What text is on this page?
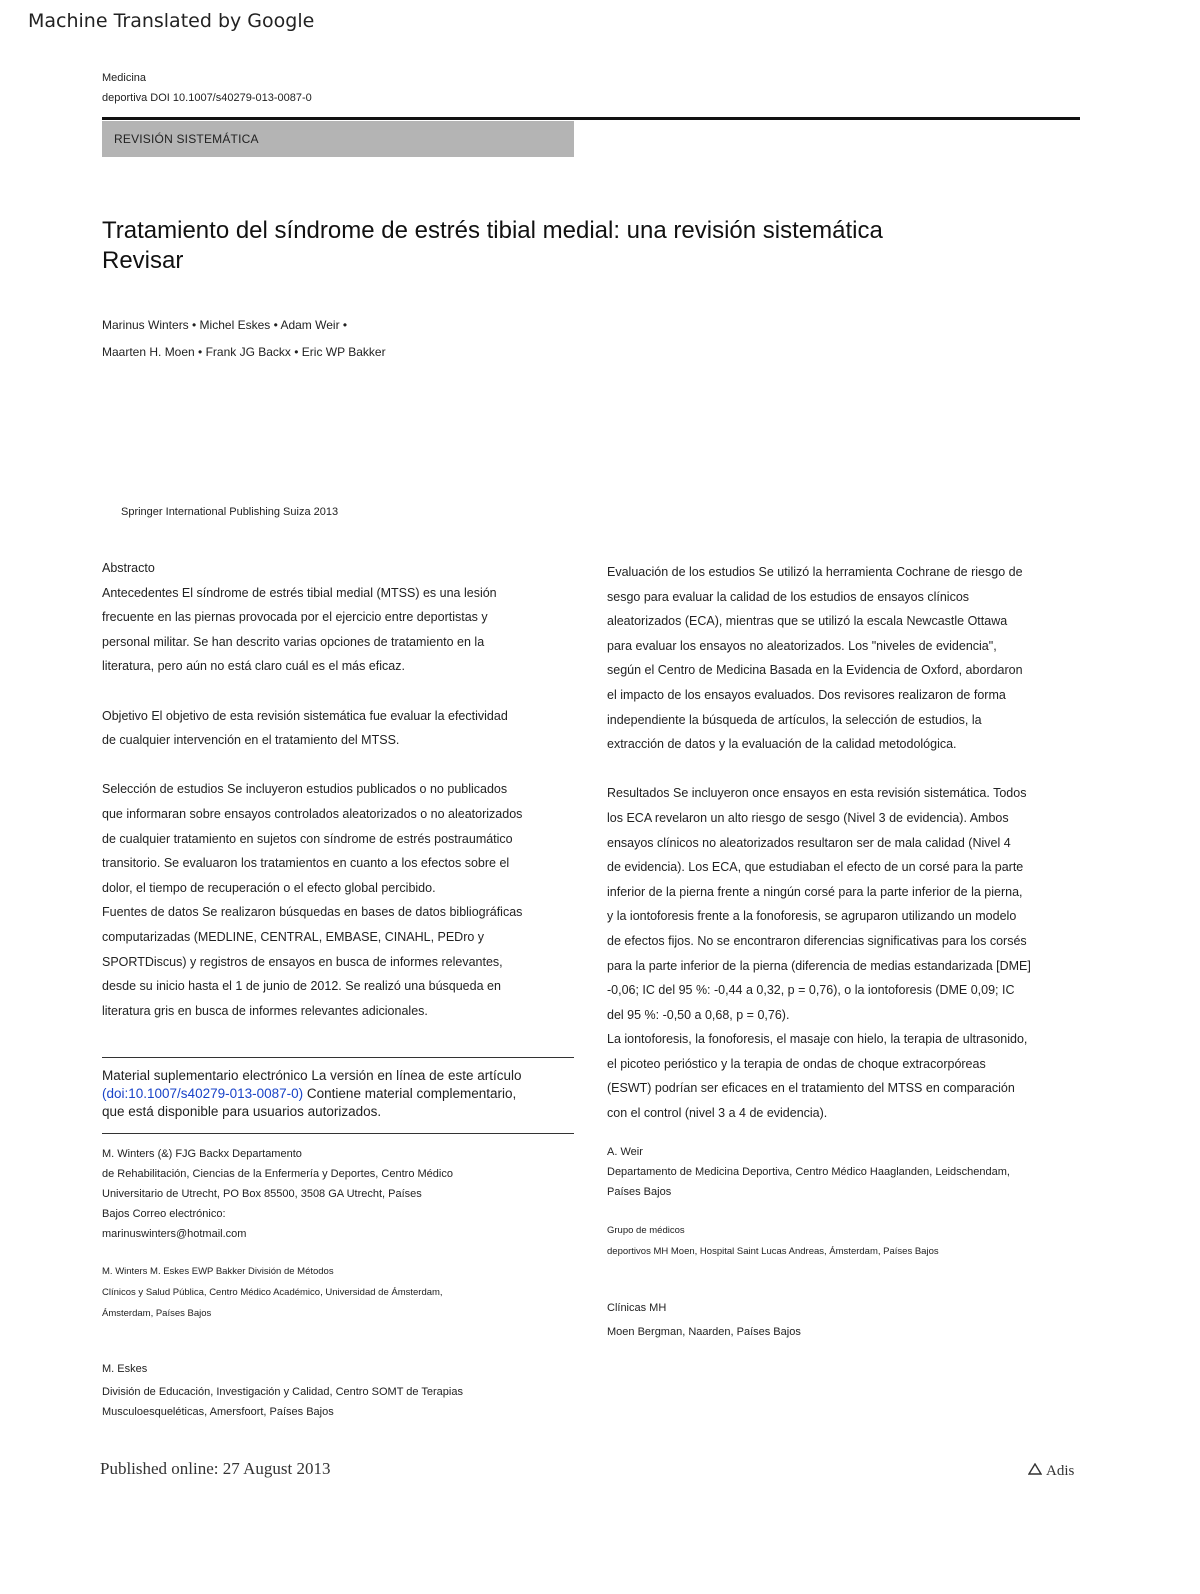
Machine Translated by Google
Medicina
deportiva DOI 10.1007/s40279-013-0087-0
REVISIÓN SISTEMÁTICA
Tratamiento del síndrome de estrés tibial medial: una revisión sistemática
Revisar
Marinus Winters • Michel Eskes • Adam Weir •
Maarten H. Moen • Frank JG Backx • Eric WP Bakker
Springer International Publishing Suiza 2013

Abstracto

Antecedentes El síndrome de estrés tibial medial (MTSS) es una lesión

frecuente en las piernas provocada por el ejercicio entre deportistas y

personal militar. Se han descrito varias opciones de tratamiento en la

literatura, pero aún no está claro cuál es el más eficaz.

Objetivo El objetivo de esta revisión sistemática fue evaluar la efectividad

de cualquier intervención en el tratamiento del MTSS.

Selección de estudios Se incluyeron estudios publicados o no publicados

que informaran sobre ensayos controlados aleatorizados o no aleatorizados

de cualquier tratamiento en sujetos con síndrome de estrés postraumático

transitorio. Se evaluaron los tratamientos en cuanto a los efectos sobre el

dolor, el tiempo de recuperación o el efecto global percibido.

Fuentes de datos Se realizaron búsquedas en bases de datos bibliográficas

computarizadas (MEDLINE, CENTRAL, EMBASE, CINAHL, PEDro y

SPORTDiscus) y registros de ensayos en busca de informes relevantes,

desde su inicio hasta el 1 de junio de 2012. Se realizó una búsqueda en

literatura gris en busca de informes relevantes adicionales.

Material suplementario electrónico La versión en línea de este artículo
(doi:10.1007/s40279-013-0087-0) Contiene material complementario,
que está disponible para usuarios autorizados.
M. Winters (&) FJG Backx Departamento
de Rehabilitación, Ciencias de la Enfermería y Deportes, Centro Médico
Universitario de Utrecht, PO Box 85500, 3508 GA Utrecht, Países
Bajos Correo electrónico:
marinuswinters@hotmail.com
M. Winters M. Eskes EWP Bakker División de Métodos
Clínicos y Salud Pública, Centro Médico Académico, Universidad de Ámsterdam,
Ámsterdam, Países Bajos
M. Eskes
División de Educación, Investigación y Calidad, Centro SOMT de Terapias
Musculoesqueléticas, Amersfoort, Países Bajos

Evaluación de los estudios Se utilizó la herramienta Cochrane de riesgo de

sesgo para evaluar la calidad de los estudios de ensayos clínicos

aleatorizados (ECA), mientras que se utilizó la escala Newcastle Ottawa

para evaluar los ensayos no aleatorizados. Los "niveles de evidencia",

según el Centro de Medicina Basada en la Evidencia de Oxford, abordaron

el impacto de los ensayos evaluados. Dos revisores realizaron de forma

independiente la búsqueda de artículos, la selección de estudios, la

extracción de datos y la evaluación de la calidad metodológica.

Resultados Se incluyeron once ensayos en esta revisión sistemática. Todos

los ECA revelaron un alto riesgo de sesgo (Nivel 3 de evidencia). Ambos

ensayos clínicos no aleatorizados resultaron ser de mala calidad (Nivel 4

de evidencia). Los ECA, que estudiaban el efecto de un corsé para la parte

inferior de la pierna frente a ningún corsé para la parte inferior de la pierna,

y la iontoforesis frente a la fonoforesis, se agruparon utilizando un modelo

de efectos fijos. No se encontraron diferencias significativas para los corsés

para la parte inferior de la pierna (diferencia de medias estandarizada [DME]

-0,06; IC del 95 %: -0,44 a 0,32, p = 0,76), o la iontoforesis (DME 0,09; IC

del 95 %: -0,50 a 0,68, p = 0,76).

La iontoforesis, la fonoforesis, el masaje con hielo, la terapia de ultrasonido,

el picoteo perióstico y la terapia de ondas de choque extracorpóreas

(ESWT) podrían ser eficaces en el tratamiento del MTSS en comparación

con el control (nivel 3 a 4 de evidencia).

A. Weir
Departamento de Medicina Deportiva, Centro Médico Haaglanden, Leidschendam,
Países Bajos
Grupo de médicos
deportivos MH Moen, Hospital Saint Lucas Andreas, Ámsterdam, Países Bajos
Clínicas MH
Moen Bergman, Naarden, Países Bajos
Published online: 27 August 2013	Adis
